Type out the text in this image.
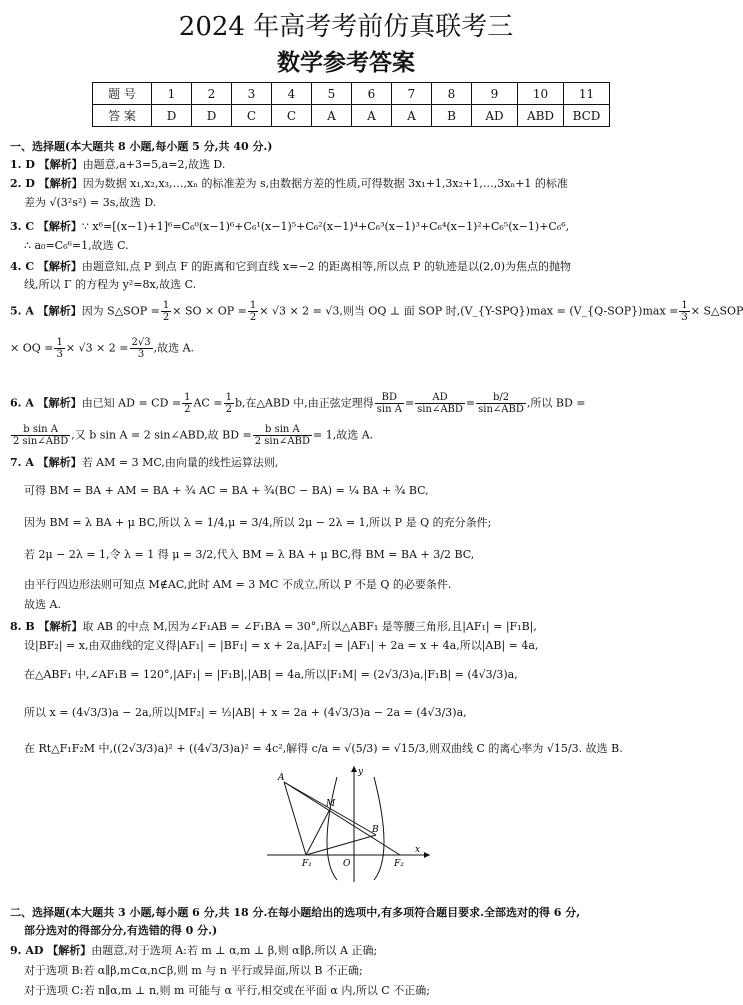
2024 年高考考前仿真联考三
数学参考答案
题 号	1	2	3	4	5	6	7	8	9	10	11
答 案	D	D	C	C	A	A	A	B	AD	ABD	BCD
一、选择题(本大题共 8 小题,每小题 5 分,共 40 分.)
1. D 【解析】由题意,a+3=5,a=2,故选 D.
2. D 【解析】因为数据 x₁,x₂,x₃,…,xₙ 的标准差为 s,由数据方差的性质,可得数据 3x₁+1,3x₂+1,…,3xₙ+1 的标准
差为 √(3²s²) = 3s,故选 D.
3. C 【解析】∵ x⁶=[(x−1)+1]⁶=C₆⁰(x−1)⁶+C₆¹(x−1)⁵+C₆²(x−1)⁴+C₆³(x−1)³+C₆⁴(x−1)²+C₆⁵(x−1)+C₆⁶,
∴ a₀=C₆⁶=1,故选 C.
4. C 【解析】由题意知,点 P 到点 F 的距离和它到直线 x=−2 的距离相等,所以点 P 的轨迹是以(2,0)为焦点的抛物
线,所以 Γ 的方程为 y²=8x,故选 C.
5. A 【解析】因为 S△SOP = $\frac{1}{2}$ × SO × OP = $\frac{1}{2} \times √3 \times 2 = √3$,则当 OQ ⊥ 面 SOP 时,(V_{Y-SPQ})max = (V_{Q-SOP})max = $\frac{1}{3}$ × S△SOP
× OQ = $\frac{1}{3} \times √3 \times 2 = \frac{2√3}{3}$ ,故选 A.
6. A 【解析】由已知 AD = CD = $\frac{1}{2}$ AC = $\frac{1}{2} b$,在△ABD 中,由正弦定理得 $\frac{BD}{\text{sin A}} = \frac{AD}{\text{sin∠ABD}} = \frac{b/2}{\text{sin∠ABD}}$ ,所以 BD =
$\frac{\text{b sin A}}{\text{2 sin∠ABD}}$ ,又 b sin A = 2 sin∠ABD,故 BD = $\frac{\text{b sin A}}{\text{2 sin∠ABD}} = 1$,故选 A.
7. A 【解析】若 AM = 3 MC,由向量的线性运算法则,
可得 BM = BA + AM = BA + ¾ AC = BA + ¾(BC − BA) = ¼ BA + ¾ BC,
因为 BM = λ BA + μ BC,所以 λ = 1/4,μ = 3/4,所以 2μ − 2λ = 1,所以 P 是 Q 的充分条件;
若 2μ − 2λ = 1,令 λ = 1 得 μ = 3/2,代入 BM = λ BA + μ BC,得 BM = BA + 3/2 BC,
由平行四边形法则可知点 M∉AC,此时 AM = 3 MC 不成立,所以 P 不是 Q 的必要条件.
故选 A.
8. B 【解析】取 AB 的中点 M,因为∠F₁AB = ∠F₁BA = 30°,所以△ABF₁ 是等腰三角形,且|AF₁| = |F₁B|,
设|BF₂| = x,由双曲线的定义得|AF₁| = |BF₁| = x + 2a,|AF₂| = |AF₁| + 2a = x + 4a,所以|AB| = 4a,
在△ABF₁ 中,∠AF₁B = 120°,|AF₁| = |F₁B|,|AB| = 4a,所以|F₁M| = (2√3/3)a,|F₁B| = (4√3/3)a,
所以 x = (4√3/3)a − 2a,所以|MF₂| = ½|AB| + x = 2a + (4√3/3)a − 2a = (4√3/3)a,
在 Rt△F₁F₂M 中,((2√3/3)a)² + ((4√3/3)a)² = 4c²,解得 c/a = √(5/3) = √15/3,则双曲线 C 的离心率为 √15/3. 故选 B.
A
M
B
F₁	O	F₂
x
y
二、选择题(本大题共 3 小题,每小题 6 分,共 18 分.在每小题给出的选项中,有多项符合题目要求.全部选对的得 6 分,
部分选对的得部分分,有选错的得 0 分.)
9. AD 【解析】由题意,对于选项 A:若 m ⊥ α,m ⊥ β,则 α∥β,所以 A 正确;
对于选项 B:若 α∥β,m⊂α,n⊂β,则 m 与 n 平行或异面,所以 B 不正确;
对于选项 C:若 n∥α,m ⊥ n,则 m 可能与 α 平行,相交或在平面 α 内,所以 C 不正确;
